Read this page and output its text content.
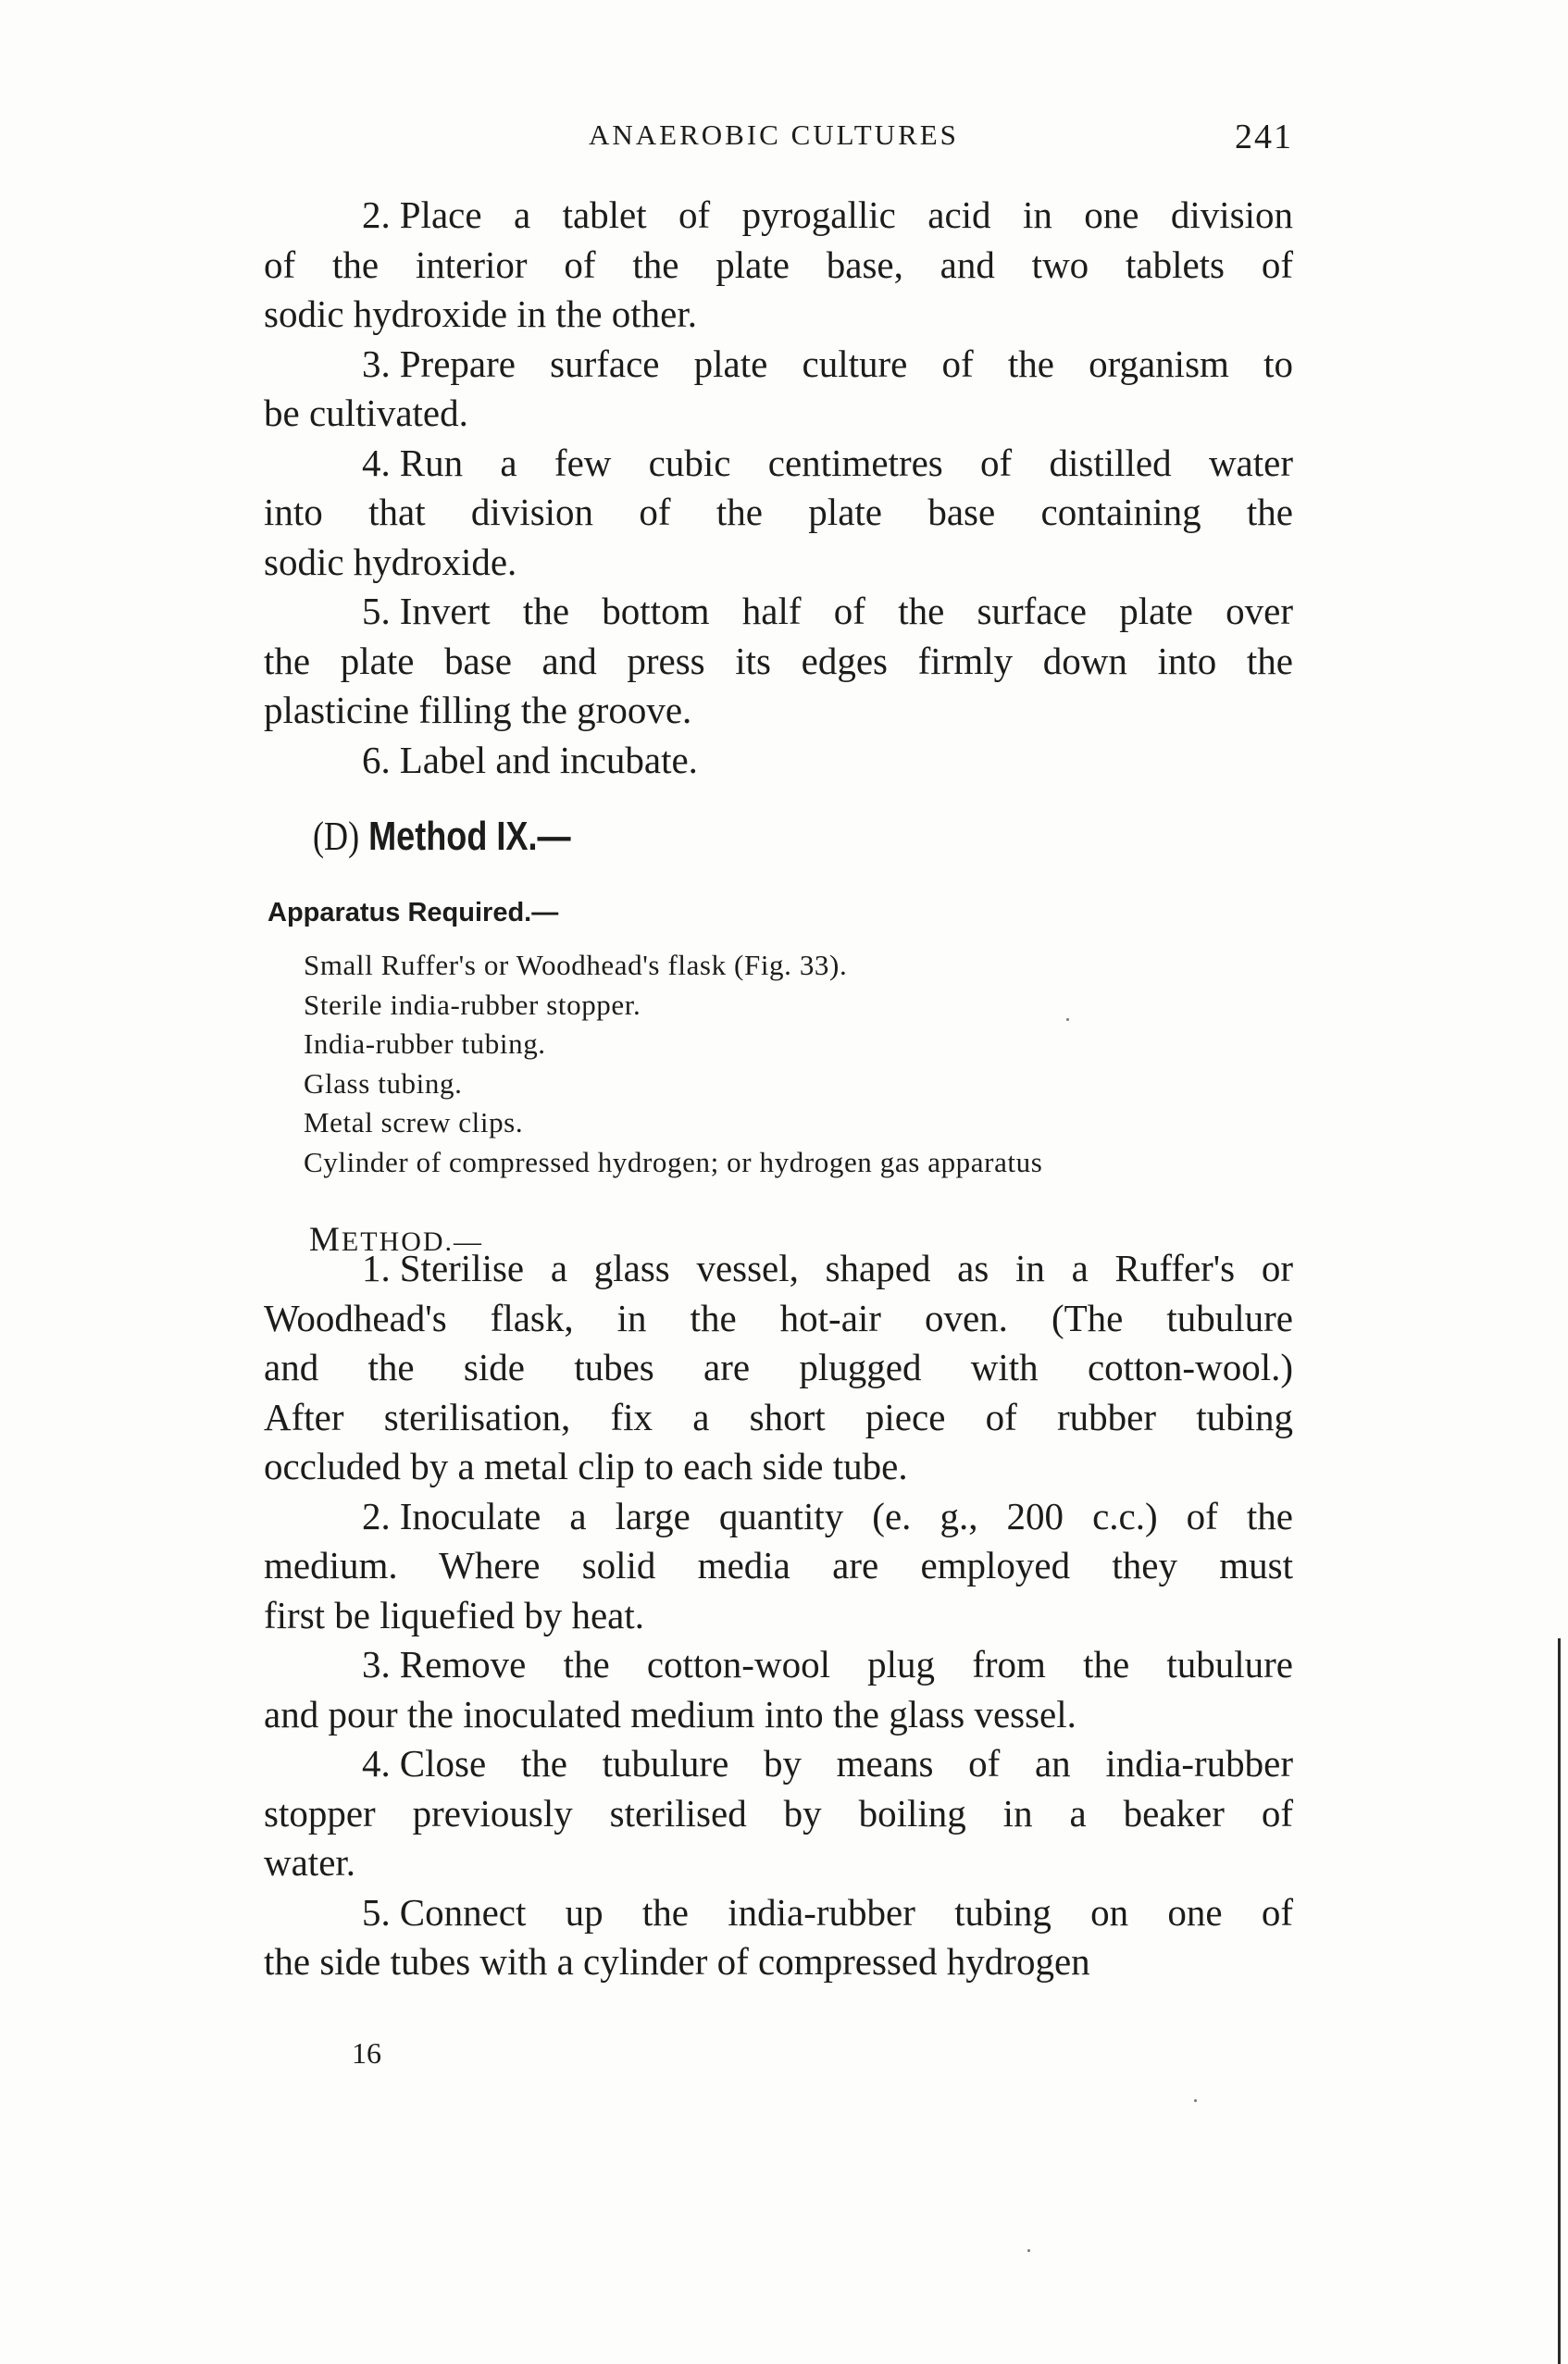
ANAEROBIC CULTURES	241
2. Place a tablet of pyrogallic acid in one division
of the interior of the plate base, and two tablets of
sodic hydroxide in the other.
3. Prepare surface plate culture of the organism to
be cultivated.
4. Run a few cubic centimetres of distilled water
into that division of the plate base containing the
sodic hydroxide.
5. Invert the bottom half of the surface plate over
the plate base and press its edges firmly down into the
plasticine filling the groove.
6. Label and incubate.
(D) Method IX.—
Apparatus Required.—
Small Ruffer's or Woodhead's flask (Fig. 33).
Sterile india-rubber stopper.
India-rubber tubing.
Glass tubing.
Metal screw clips.
Cylinder of compressed hydrogen; or hydrogen gas apparatus
METHOD.—
1. Sterilise a glass vessel, shaped as in a Ruffer's or
Woodhead's flask, in the hot-air oven. (The tubulure
and the side tubes are plugged with cotton-wool.)
After sterilisation, fix a short piece of rubber tubing
occluded by a metal clip to each side tube.
2. Inoculate a large quantity (e. g., 200 c.c.) of the
medium. Where solid media are employed they must
first be liquefied by heat.
3. Remove the cotton-wool plug from the tubulure
and pour the inoculated medium into the glass vessel.
4. Close the tubulure by means of an india-rubber
stopper previously sterilised by boiling in a beaker of
water.
5. Connect up the india-rubber tubing on one of
the side tubes with a cylinder of compressed hydrogen
16
